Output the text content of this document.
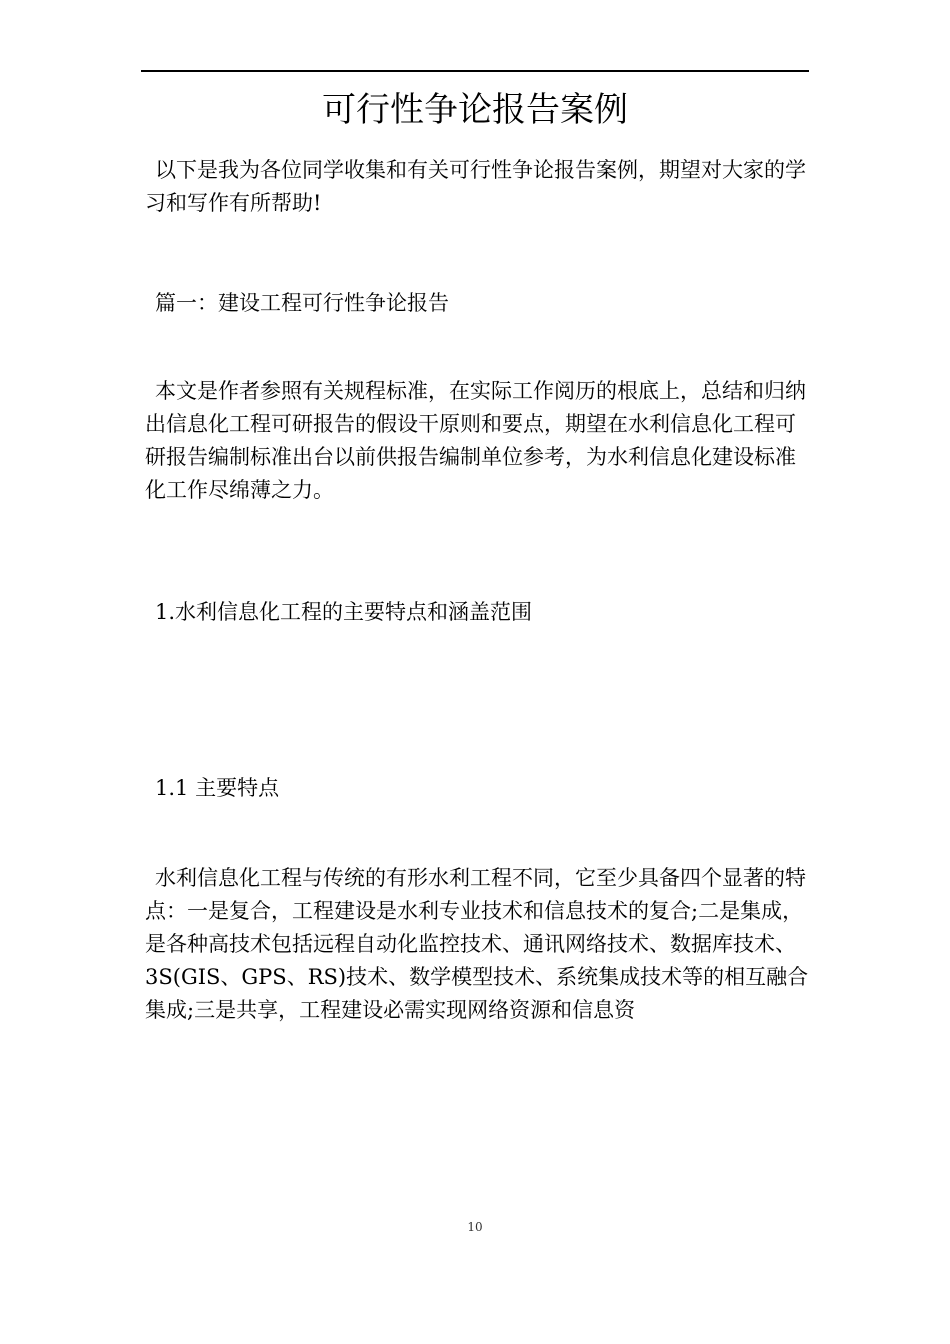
可行性争论报告案例

以下是我为各位同学收集和有关可行性争论报告案例，期望对大家的学习和写作有所帮助!

篇一：建设工程可行性争论报告

本文是作者参照有关规程标准，在实际工作阅历的根底上，总结和归纳出信息化工程可研报告的假设干原则和要点，期望在水利信息化工程可研报告编制标准出台以前供报告编制单位参考，为水利信息化建设标准化工作尽绵薄之力。

1.水利信息化工程的主要特点和涵盖范围

1.1 主要特点

水利信息化工程与传统的有形水利工程不同，它至少具备四个显著的特点：一是复合，工程建设是水利专业技术和信息技术的复合;二是集成，是各种高技术包括远程自动化监控技术、通讯网络技术、数据库技术、3S(GIS、GPS、RS)技术、数学模型技术、系统集成技术等的相互融合集成;三是共享，工程建设必需实现网络资源和信息资

10
